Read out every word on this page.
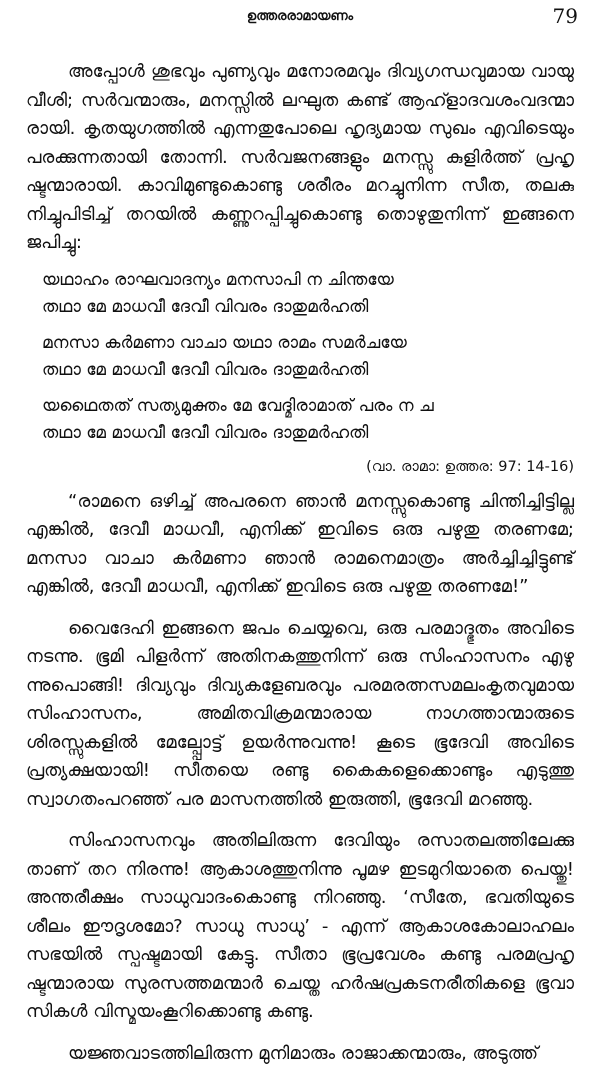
ഉത്തരരാമായണം	79

അപ്പോൾ ശുഭവും പുണ്യവും മനോരമവും ദിവ്യഗന്ധവുമായ വായു വീശി; സർവന്മാരും, മനസ്സിൽ ലഘുത കണ്ട് ആഹ്ളാദവശംവദന്മാ രായി. കൃതയുഗത്തിൽ എന്നതുപോലെ ഹൃദ്യമായ സുഖം എവിടെയും പരക്കുന്നതായി തോന്നി. സർവജനങ്ങളും മനസ്സു കുളിർത്ത് പ്രഹൃ ഷ്ടന്മാരായി. കാവിമുണ്ടുകൊണ്ടു ശരീരം മറച്ചുനിന്ന സീത, തലകു നിച്ചുപിടിച്ച് തറയിൽ കണ്ണുറപ്പിച്ചുകൊണ്ടു തൊഴുതുനിന്ന് ഇങ്ങനെ ജപിച്ചു:

യഥാഹം രാഘവാദന്യം മനസാപി ന ചിന്തയേ
തഥാ മേ മാധവീ ദേവീ വിവരം ദാതുമർഹതി
മനസാ കർമണാ വാചാ യഥാ രാമം സമർചയേ
തഥാ മേ മാധവീ ദേവീ വിവരം ദാതുമർഹതി
യഥൈതത് സത്യമുക്തം മേ വേദ്മിരാമാത് പരം ന ച
തഥാ മേ മാധവീ ദേവീ വിവരം ദാതുമർഹതി
(വാ. രാമാ: ഉത്തര: 97: 14-16)

“രാമനെ ഒഴിച്ച് അപരനെ ഞാൻ മനസ്സുകൊണ്ടു ചിന്തിച്ചിട്ടില്ല എങ്കിൽ, ദേവീ മാധവീ, എനിക്ക് ഇവിടെ ഒരു പഴുതു തരണമേ; മനസാ വാചാ കർമണാ ഞാൻ രാമനെമാത്രം അർച്ചിച്ചിട്ടുണ്ട് എങ്കിൽ, ദേവീ മാധവീ, എനിക്ക് ഇവിടെ ഒരു പഴുതു തരണമേ!”

വൈദേഹി ഇങ്ങനെ ജപം ചെയ്യവെ, ഒരു പരമാദ്ഭുതം അവിടെ നടന്നു. ഭൂമി പിളർന്ന് അതിനകത്തുനിന്ന് ഒരു സിംഹാസനം എഴു ന്നുപൊങ്ങി! ദിവ്യവും ദിവ്യകളേബരവും പരമരത്നസമലംകൃതവുമായ സിംഹാസനം, അമിതവിക്രമന്മാരായ നാഗത്താന്മാരുടെ ശിരസ്സുകളിൽ മേല്പ്പോട്ട് ഉയർന്നുവന്നു! കൂടെ ഭൂദേവി അവിടെ പ്രത്യക്ഷയായി! സീതയെ രണ്ടു കൈകളെക്കൊണ്ടും എടുത്തു സ്വാഗതംപറഞ്ഞ് പര മാസനത്തിൽ ഇരുത്തി, ഭൂദേവി മറഞ്ഞു.

സിംഹാസനവും അതിലിരുന്ന ദേവിയും രസാതലത്തിലേക്കു താണ് തറ നിരന്നു! ആകാശത്തുനിന്നു പൂമഴ ഇടമുറിയാതെ പെയ്തു! അന്തരീക്ഷം സാധുവാദംകൊണ്ടു നിറഞ്ഞു. ‘സീതേ, ഭവതിയുടെ ശീലം ഈദൃശമോ? സാധു സാധു’ - എന്ന് ആകാശകോലാഹലം സഭയിൽ സ്പഷ്ടമായി കേട്ടു. സീതാ ഭൂപ്രവേശം കണ്ടു പരമപ്രഹൃ ഷ്ടന്മാരായ സുരസത്തമന്മാർ ചെയ്ത ഹർഷപ്രകടനരീതികളെ ഭൂവാ സികൾ വിസ്മയംകൂറിക്കൊണ്ടു കണ്ടു.

യജ്ഞവാടത്തിലിരുന്ന മുനിമാരും രാജാക്കന്മാരും, അടുത്ത്
